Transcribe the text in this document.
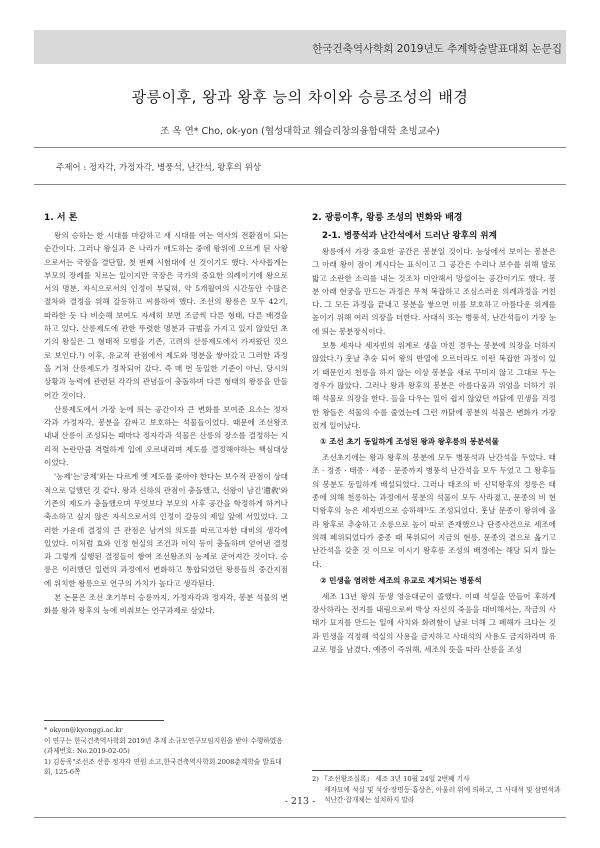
한국건축역사학회 2019년도 추계학술발표대회 논문집
광릉이후, 왕과 왕후 능의 차이와 승릉조성의 배경
조 옥 연* Cho, ok-yon (협성대학교 웨슬리창의융합대학 초빙교수)
주제어 : 정자각, 가정자각, 병풍석, 난간석, 왕후의 위상
1. 서 론

왕의 승하는 한 시대를 마감하고 새 시대를 여는 역사의 전환점이 되는 순간이다. 그러나 왕실과 온 나라가 애도하는 중에 왕위에 오르게 된 사왕으로서는 국장을 결단할, 첫 번째 시험대에 선 것이기도 했다. 사사롭게는 부모의 장례를 치르는 일이지만 국장은 국가의 중요한 의례이기에 왕으로서의 명분, 자식으로서의 인정이 부딪혀, 약 5개월여의 시간동안 수많은 절차와 결정을 위해 갈등하고 씨름하여 했다. 조선의 왕릉은 모두 42기, 따라한 듯 다 비슷해 보여도 자세히 보면 조금씩 다른 형태, 다른 배경을 하고 있다. 산릉제도에 관한 뚜렷한 명분과 규범을 가지고 있지 않았던 초기의 왕실은 그 형태적 모범을 기존, 고려의 산릉제도에서 가져왔던 것으로 보인다.¹) 이후, 유교적 관점에서 제도와 명분을 쌓아갔고 그러한 과정을 거쳐 산릉제도가 정착되어 갔다. 즉 매 번 동일한 기준이 아닌, 당시의 상황과 능력에 관련된 각각의 관념들이 충돌하며 다른 형태의 왕릉을 만들어간 것이다.

산릉제도에서 가장 눈에 띄는 공간이자 큰 변화를 보여준 요소는 정자각과 가정자각, 봉분을 감싸고 보호하는 석물들이었다. 때문에 조선왕조 내내 산릉이 조성되는 때마다 정자각과 석물은 산릉의 장소를 결정하는 지리적 논란만큼 격렬하게 입에 오르내리며 제도를 결정해야하는 핵심대상이었다.

'능제'는'궁제'와는 다르게 옛 제도를 좇아야 한다는 보수적 관점이 상대적으로 덜했던 것 같다. 왕과 신하의 관점이 충돌했고, 선왕이 남긴'遺敎'와 기존의 제도가 충돌했으며 무엇보다 부모의 사후 공간을 학정하게 하거나 축소하고 싶지 않은 자식으로서의 인정이 갈등의 제일 앞에 서있었다. 그러한 가운데 결정의 큰 관점은 남겨의 의도를 따르고자한 대비의 생각에 있었다. 이처럼 효와 인정 현실의 조건과 이익 등이 충돌하며 얻어낸 결정과 그렇게 실행된 결정들이 쌓여 조선왕조의 능제로 굳어져간 것이다. 승릉은 이러했던 일련의 과정에서 변화하고 통합되었던 왕릉들의 중간지점에 위치한 왕릉으로 연구의 가치가 높다고 생각된다.

본 논문은 조선 초기부터 승릉까지, 가정자각과 정자각, 봉분 석물의 변화를 왕과 왕후의 능에 비춰보는 연구과제로 삼았다.

* okyon@kyonggi.ac.kr
이 연구는 한국건축역사학회 2019년 추계 소규모연구모임지원을 받아 수행하였음 (과제번호: No.2019-02-05)
1) 김동욱"조선조 산릉 정자각 연원 소고,한국건축역사학회 2008춘계학술 발표대회, 125-6쪽
2. 광릉이후, 왕릉 조성의 변화와 배경
2-1. 병풍석과 난간석에서 드러난 왕후의 위계

왕릉에서 가장 중요한 공간은 봉분일 것이다. 능상에서 보이는 봉분은 그 아래 왕이 잠이 계시다는 표식이고 그 공간은 수리나 보수를 위해 발로 밟고 소란한 소리를 내는 것조차 미안해서 망설이는 공간이기도 했다. 봉분 아래 현궁을 만드는 과정은 무척 복잡하고 조심스러운 의례과정을 거친다. 그 모든 과정을 끝내고 봉분을 쌓으면 이를 보호하고 아름다운 위계를 높이기 위해 여러 의장을 더한다. 사대식 또는 병풍석, 난간석들이 가장 눈에 띄는 봉분장식이다.

보통 세자나 세자빈의 위계로 생을 마친 경우는 봉분에 의장을 더하지 않았다.²) 훗날 추숭 되어 왕의 반열에 오르더라도 이런 복잡한 과정이 있기 때문인지 천릉을 하지 않는 이상 봉분을 새로 꾸미지 않고 그대로 두는 경우가 많았다. 그러나 왕과 왕후의 봉분은 아름다움과 위엄을 더하기 위해 석물로 의장을 한다. 들을 다우는 일이 쉽지 않았던 까닭에 민생을 걱정한 왕들은 석물의 수를 줄였는데 그런 까닭에 봉분의 석물은 변화가 가장 컸게 일어났다.

① 조선 초기 동일하게 조성된 왕과 왕후릉의 봉분석물

조선초기에는 왕과 왕후의 봉분에 모두 병풍석과 난간석을 두었다. 태조 · 정종 · 태종 · 세종 · 문종까지 병풍석 난간석을 모두 두었고 그 왕후들의 봉분도 동일하게 배설되었다. 그러나 태조의 비 신덕왕후의 정릉은 태종에 의해 천릉하는 과정에서 봉분의 석물이 모두 사라졌고, 문종의 비 현덕왕후의 능은 세자빈으로 승하해¹⁾도 조성되었다. 훗날 문종이 왕위에 올라 왕후로 추숭하고 소릉으로 높이 따로 존재했으나 단종사건으로 세조에 의해 폐위되었다가 중종 때 복위되어 지금의 현릉, 문종의 곁으로 옮기고 난간석을 갖춘 것 이므로 이시기 왕후릉 조성의 배경에는 해당 되지 않는다.

② 민생을 염려한 세조의 유교로 제거되는 병풍석

세조 13년 왕의 동생 영응대군이 졸했다. 이때 석실을 만들어 후하게 장사하라는 전지를 내림으로써 박상 자신의 죽음을 대비해서는, 작금의 사태가 묘지를 만드는 일에 사치와 화려함이 날로 더해 그 폐해가 크다는 것과 민생을 걱정해 석실의 사용을 금지하고 사대석의 사용도 금지하라며 유교로 명을 남겼다. 예종이 즉위해, 세조의 뜻을 따라 산릉을 조성

2) 『조선왕조실록』 세조 3년 10월 24일 2번째 기사
세자묘에 석실 및 석상·장명등·흡상은, 아울러 위에 의하고, 그 사대석 및 삼면석과 석난간·잡개체는 설치하지 말라
- 213 -
